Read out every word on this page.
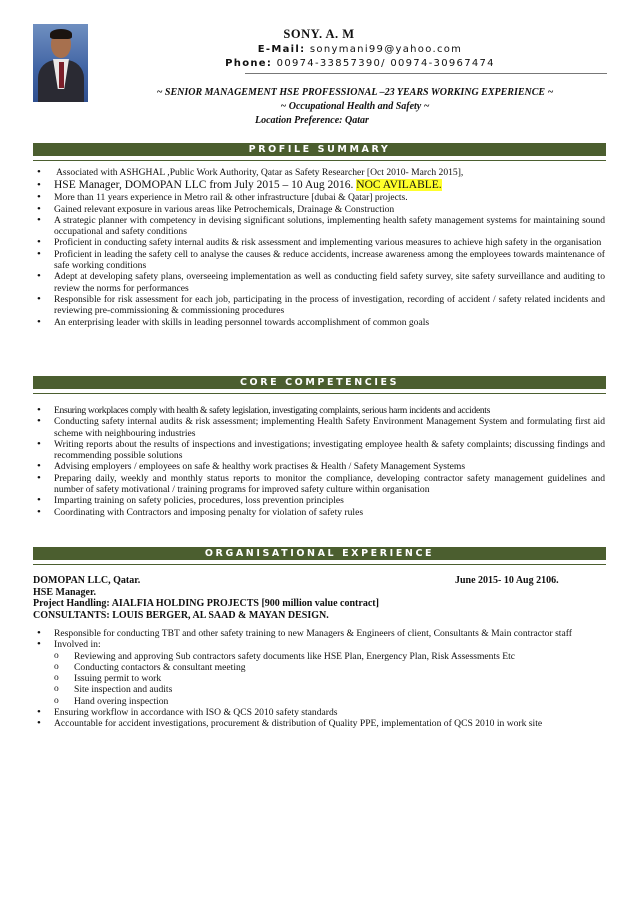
SONY. A. M
E-Mail: sonymani99@yahoo.com
Phone: 00974-33857390/ 00974-30967474
~ SENIOR MANAGEMENT HSE PROFESSIONAL –23 YEARS WORKING EXPERIENCE ~
~ Occupational Health and Safety ~
Location Preference: Qatar
PROFILE SUMMARY
• Associated with ASHGHAL ,Public Work Authority, Qatar as Safety Researcher [Oct 2010- March 2015],
• HSE Manager, DOMOPAN LLC from July 2015 – 10 Aug 2016. NOC AVILABLE.
• More than 11 years experience in Metro rail & other infrastructure [dubai & Qatar] projects.
• Gained relevant exposure in various areas like Petrochemicals, Drainage & Construction
• A strategic planner with competency in devising significant solutions, implementing health safety management systems for maintaining sound occupational and safety conditions
• Proficient in conducting safety internal audits & risk assessment and implementing various measures to achieve high safety in the organisation
• Proficient in leading the safety cell to analyse the causes & reduce accidents, increase awareness among the employees towards maintenance of safe working conditions
• Adept at developing safety plans, overseeing implementation as well as conducting field safety survey, site safety surveillance and auditing to review the norms for performances
• Responsible for risk assessment for each job, participating in the process of investigation, recording of accident / safety related incidents and reviewing pre-commissioning & commissioning procedures
• An enterprising leader with skills in leading personnel towards accomplishment of common goals
CORE COMPETENCIES
• Ensuring workplaces comply with health & safety legislation, investigating complaints, serious harm incidents and accidents
• Conducting safety internal audits & risk assessment; implementing Health Safety Environment Management System and formulating first aid scheme with neighbouring industries
• Writing reports about the results of inspections and investigations; investigating employee health & safety complaints; discussing findings and recommending possible solutions
• Advising employers / employees on safe & healthy work practises & Health / Safety Management Systems
• Preparing daily, weekly and monthly status reports to monitor the compliance, developing contractor safety management guidelines and number of safety motivational / training programs for improved safety culture within organisation
• Imparting training on safety policies, procedures, loss prevention principles
• Coordinating with Contractors and imposing penalty for violation of safety rules
ORGANISATIONAL EXPERIENCE
DOMOPAN LLC, Qatar.	June 2015- 10 Aug 2106.
HSE Manager.
Project Handling: AIALFIA HOLDING PROJECTS [900 million value contract]
CONSULTANTS: LOUIS BERGER, AL SAAD & MAYAN DESIGN.
• Responsible for conducting TBT and other safety training to new Managers & Engineers of client, Consultants & Main contractor staff
• Involved in:
o Reviewing and approving Sub contractors safety documents like HSE Plan, Energency Plan, Risk Assessments Etc
o Conducting contactors & consultant meeting
o Issuing permit to work
o Site inspection and audits
o Hand overing inspection
• Ensuring workflow in accordance with ISO & QCS 2010 safety standards
• Accountable for accident investigations, procurement & distribution of Quality PPE, implementation of QCS 2010 in work site
